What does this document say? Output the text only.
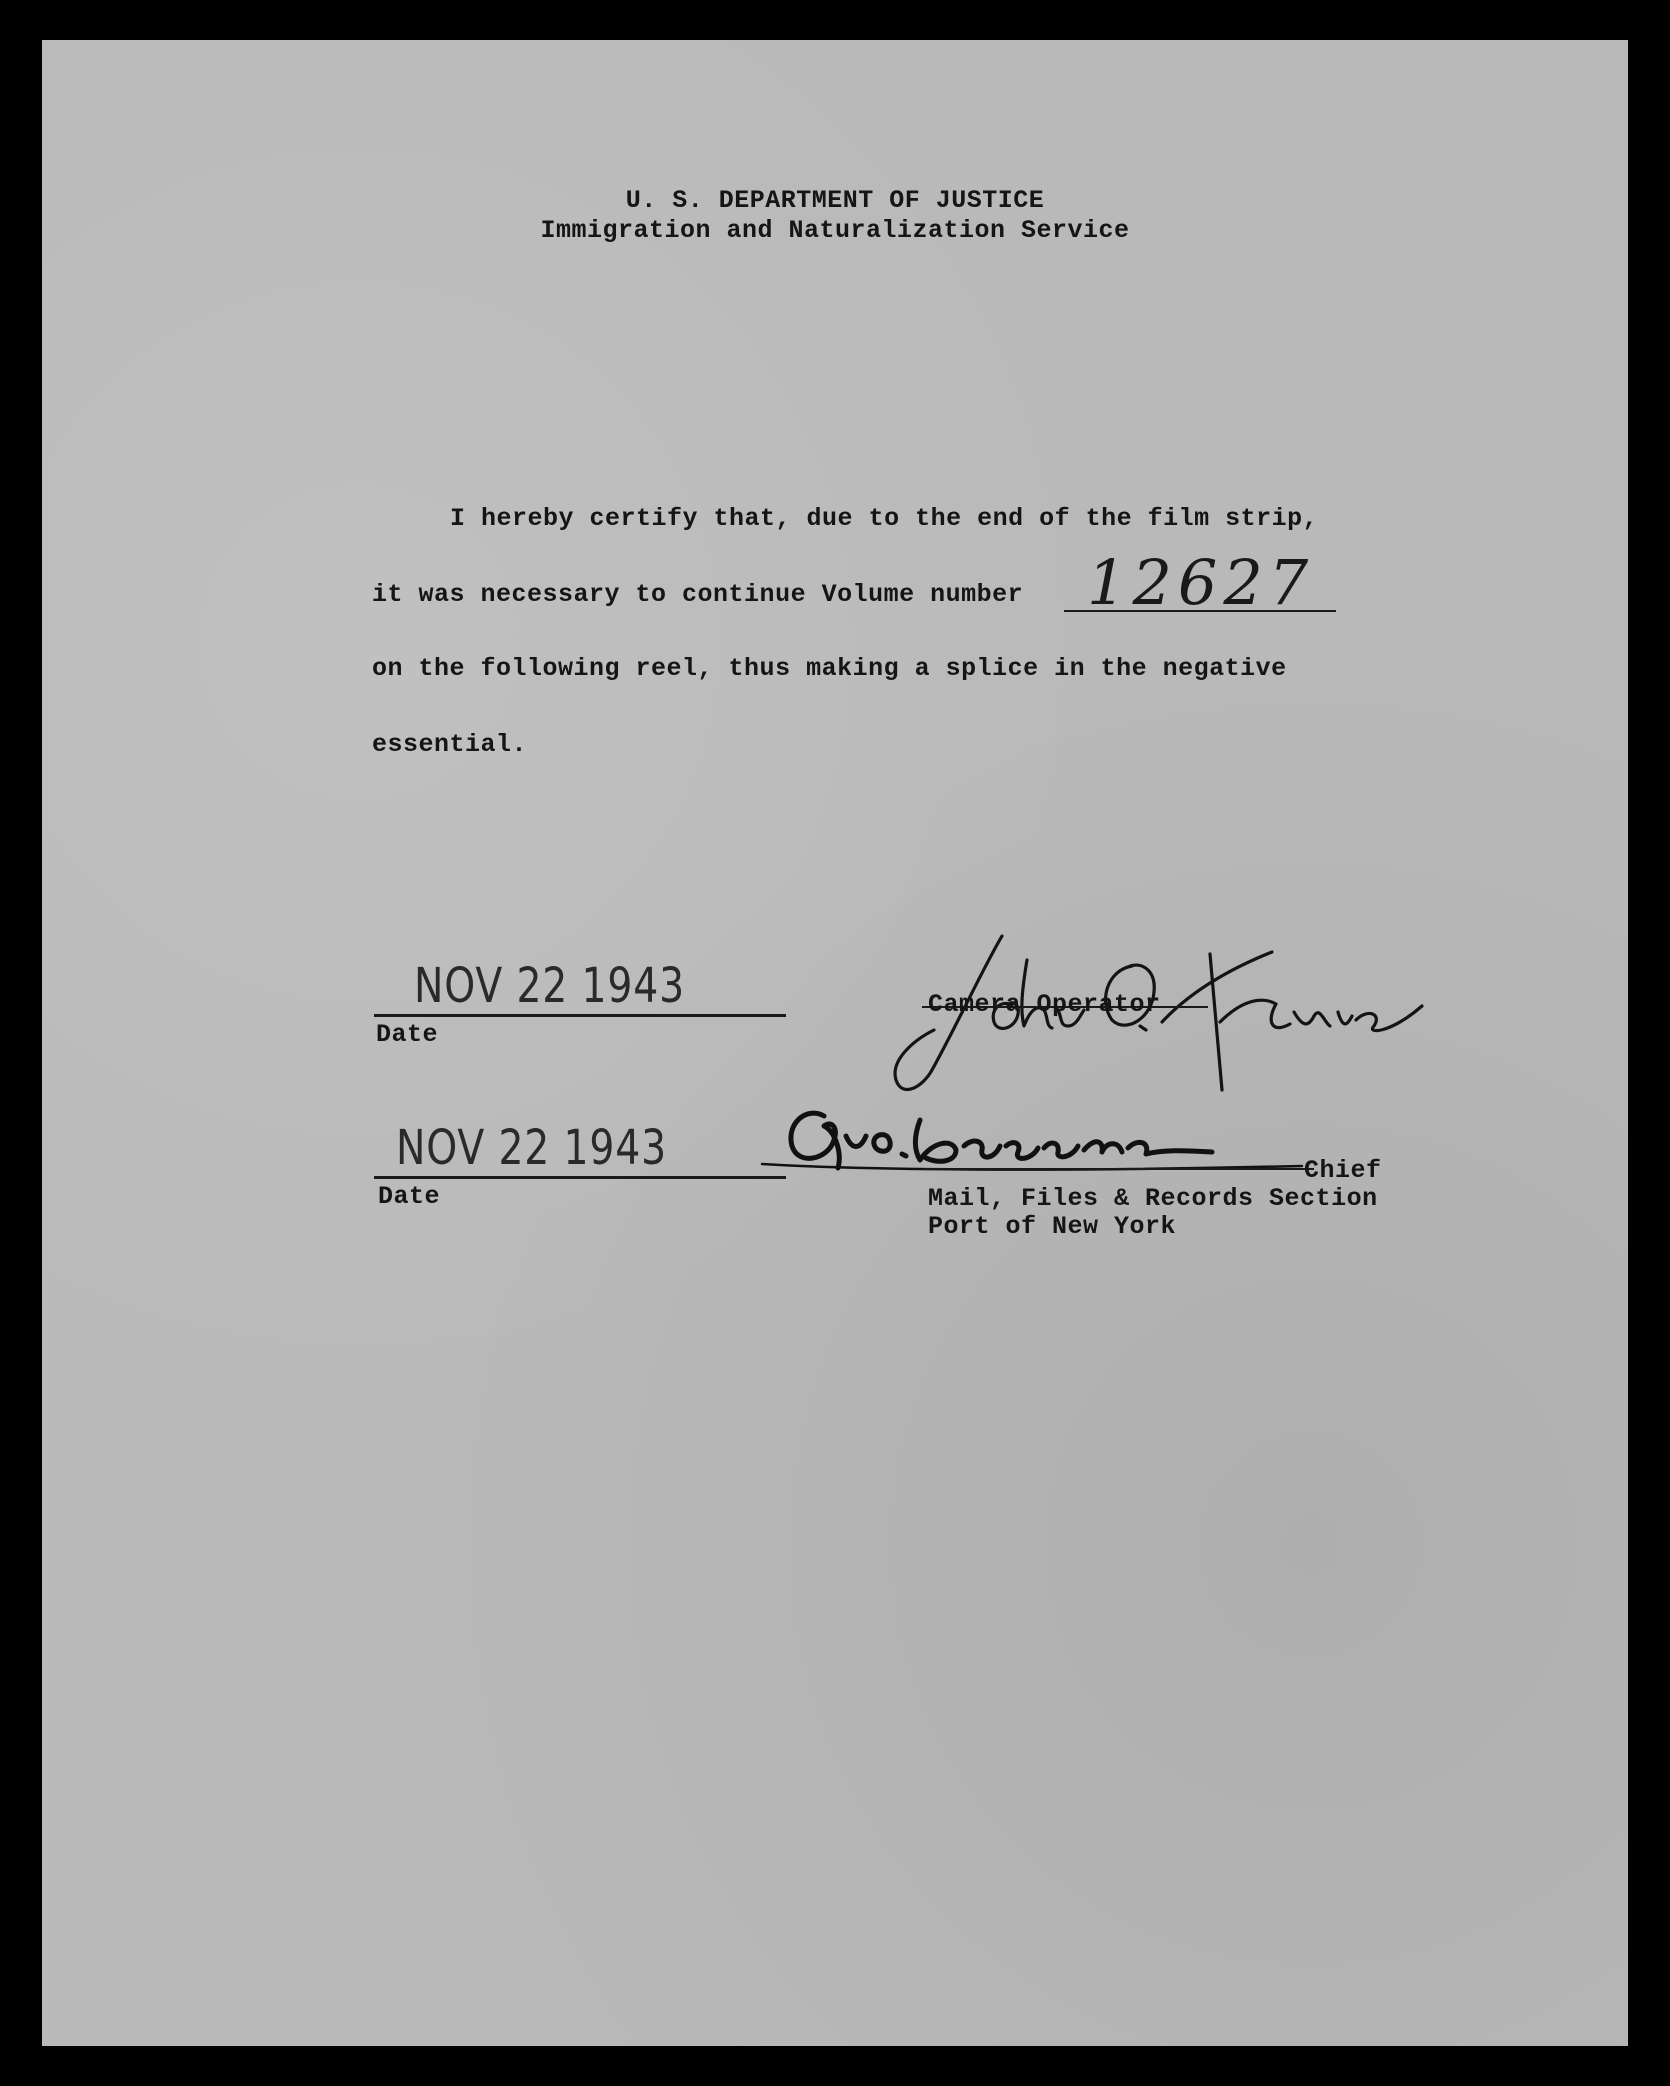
U. S. DEPARTMENT OF JUSTICE

Immigration and Naturalization Service

I hereby certify that, due to the end of the film strip,

it was necessary to continue Volume number 12627

on the following reel, thus making a splice in the negative

essential.

NOV 22 1943

Date

Camera Operator

NOV 22 1943

Date

Chief

Mail, Files & Records Section

Port of New York
